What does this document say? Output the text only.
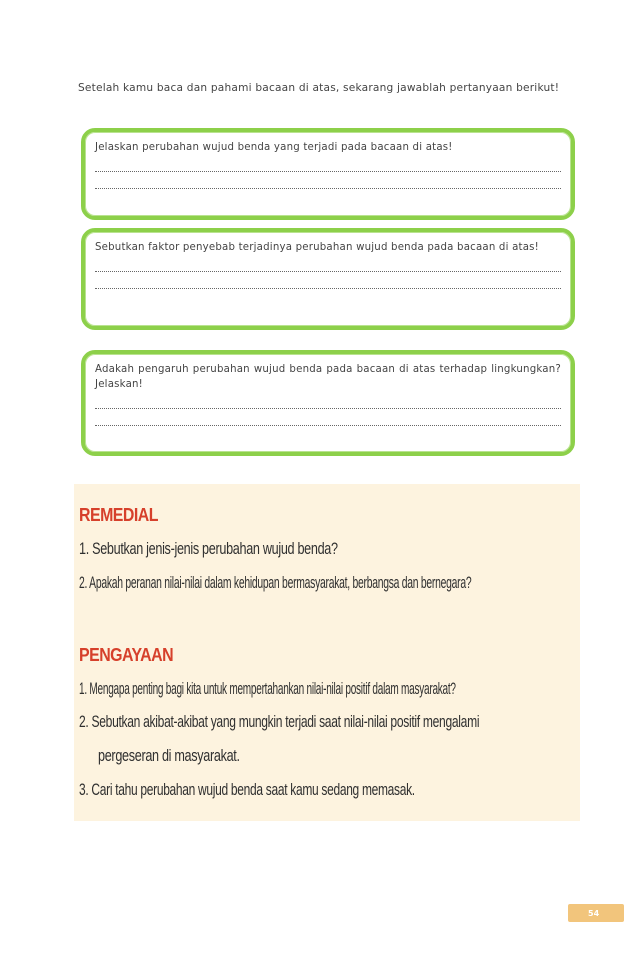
Setelah kamu baca dan pahami bacaan di atas, sekarang jawablah pertanyaan berikut!
Jelaskan perubahan wujud benda yang terjadi pada bacaan di atas!
Sebutkan faktor penyebab terjadinya perubahan wujud benda pada bacaan di atas!
Adakah pengaruh perubahan wujud benda pada bacaan di atas terhadap lingkungkan? Jelaskan!
REMEDIAL
1. Sebutkan jenis-jenis perubahan wujud benda?
2. Apakah peranan nilai-nilai dalam kehidupan bermasyarakat, berbangsa dan bernegara?
PENGAYAAN
1. Mengapa penting bagi kita untuk mempertahankan nilai-nilai positif dalam masyarakat?
2. Sebutkan akibat-akibat yang mungkin terjadi saat nilai-nilai positif mengalami
pergeseran di masyarakat.
3. Cari tahu perubahan wujud benda saat kamu sedang memasak.
54
